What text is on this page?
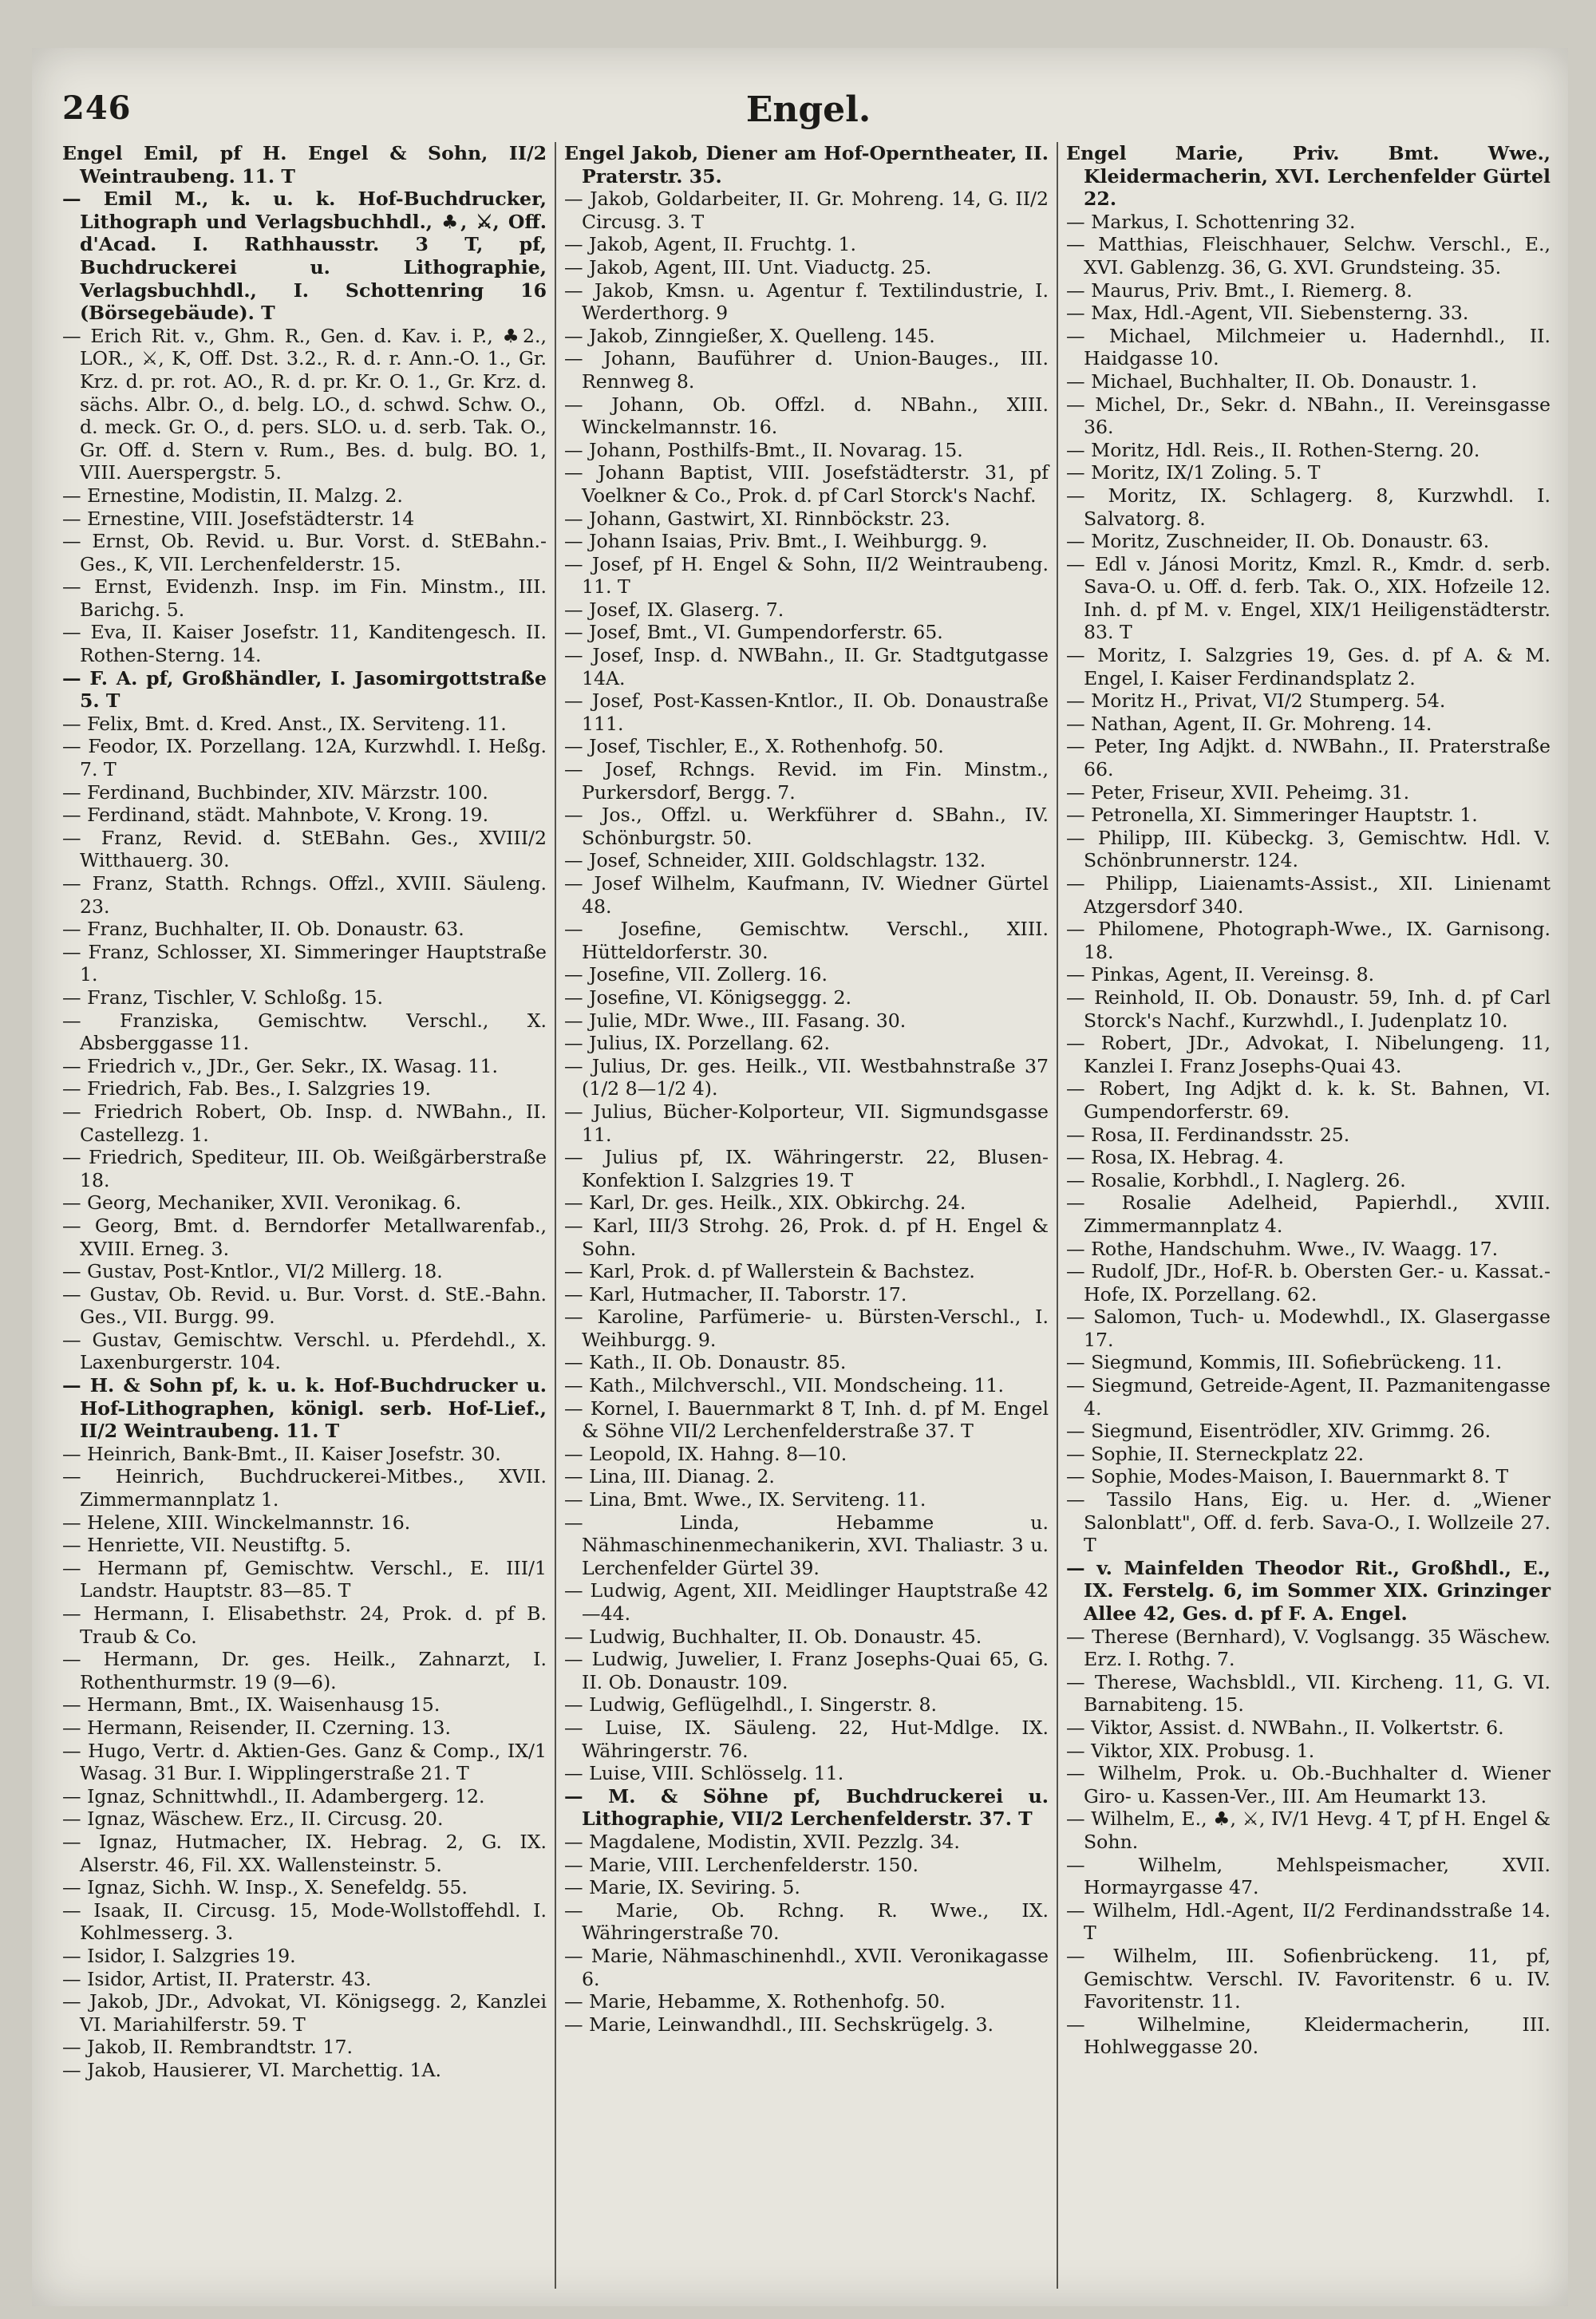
246	Engel.
Engel Emil, pf H. Engel & Sohn, II/2 Weintraubeng. 11. T
— Emil M., k. u. k. Hof-Buchdrucker, Lithograph und Verlagsbuchhdl., ♣, ⚔, Off. d'Acad. I. Rathhausstr. 3 T, pf, Buchdruckerei u. Lithographie, Verlagsbuchhdl., I. Schottenring 16 (Börsegebäude). T
— Erich Rit. v., Ghm. R., Gen. d. Kav. i. P., ♣2., LOR., ⚔, K, Off. Dst. 3.2., R. d. r. Ann.-O. 1., Gr. Krz. d. pr. rot. AO., R. d. pr. Kr. O. 1., Gr. Krz. d. sächs. Albr. O., d. belg. LO., d. schwd. Schw. O., d. meck. Gr. O., d. pers. SLO. u. d. serb. Tak. O., Gr. Off. d. Stern v. Rum., Bes. d. bulg. BO. 1, VIII. Auerspergstr. 5.
— Ernestine, Modistin, II. Malzg. 2.
— Ernestine, VIII. Josefstädterstr. 14
— Ernst, Ob. Revid. u. Bur. Vorst. d. StEBahn.-Ges., K, VII. Lerchenfelderstr. 15.
— Ernst, Evidenzh. Insp. im Fin. Minstm., III. Barichg. 5.
— Eva, II. Kaiser Josefstr. 11, Kanditengesch. II. Rothen-Sterng. 14.
— F. A. pf, Großhändler, I. Jasomirgottstraße 5. T
— Felix, Bmt. d. Kred. Anst., IX. Serviteng. 11.
— Feodor, IX. Porzellang. 12A, Kurzwhdl. I. Heßg. 7. T
— Ferdinand, Buchbinder, XIV. Märzstr. 100.
— Ferdinand, städt. Mahnbote, V. Krong. 19.
— Franz, Revid. d. StEBahn. Ges., XVIII/2 Witthauerg. 30.
— Franz, Statth. Rchngs. Offzl., XVIII. Säuleng. 23.
— Franz, Buchhalter, II. Ob. Donaustr. 63.
— Franz, Schlosser, XI. Simmeringer Hauptstraße 1.
— Franz, Tischler, V. Schloßg. 15.
— Franziska, Gemischtw. Verschl., X. Absberggasse 11.
— Friedrich v., JDr., Ger. Sekr., IX. Wasag. 11.
— Friedrich, Fab. Bes., I. Salzgries 19.
— Friedrich Robert, Ob. Insp. d. NWBahn., II. Castellezg. 1.
— Friedrich, Spediteur, III. Ob. Weißgärberstraße 18.
— Georg, Mechaniker, XVII. Veronikag. 6.
— Georg, Bmt. d. Berndorfer Metallwarenfab., XVIII. Erneg. 3.
— Gustav, Post-Kntlor., VI/2 Millerg. 18.
— Gustav, Ob. Revid. u. Bur. Vorst. d. StE.-Bahn. Ges., VII. Burgg. 99.
— Gustav, Gemischtw. Verschl. u. Pferdehdl., X. Laxenburgerstr. 104.
— H. & Sohn pf, k. u. k. Hof-Buchdrucker u. Hof-Lithographen, königl. serb. Hof-Lief., II/2 Weintraubeng. 11. T
— Heinrich, Bank-Bmt., II. Kaiser Josefstr. 30.
— Heinrich, Buchdruckerei-Mitbes., XVII. Zimmermannplatz 1.
— Helene, XIII. Winckelmannstr. 16.
— Henriette, VII. Neustiftg. 5.
— Hermann pf, Gemischtw. Verschl., E. III/1 Landstr. Hauptstr. 83—85. T
— Hermann, I. Elisabethstr. 24, Prok. d. pf B. Traub & Co.
— Hermann, Dr. ges. Heilk., Zahnarzt, I. Rothenthurmstr. 19 (9—6).
— Hermann, Bmt., IX. Waisenhausg 15.
— Hermann, Reisender, II. Czerning. 13.
— Hugo, Vertr. d. Aktien-Ges. Ganz & Comp., IX/1 Wasag. 31 Bur. I. Wipplingerstraße 21. T
— Ignaz, Schnittwhdl., II. Adambergerg. 12.
— Ignaz, Wäschew. Erz., II. Circusg. 20.
— Ignaz, Hutmacher, IX. Hebrag. 2, G. IX. Alserstr. 46, Fil. XX. Wallensteinstr. 5.
— Ignaz, Sichh. W. Insp., X. Senefeldg. 55.
— Isaak, II. Circusg. 15, Mode-Wollstoffehdl. I. Kohlmesserg. 3.
— Isidor, I. Salzgries 19.
— Isidor, Artist, II. Praterstr. 43.
— Jakob, JDr., Advokat, VI. Königsegg. 2, Kanzlei VI. Mariahilferstr. 59. T
— Jakob, II. Rembrandtstr. 17.
— Jakob, Hausierer, VI. Marchettig. 1A.
Engel Jakob, Diener am Hof-Operntheater, II. Praterstr. 35.
— Jakob, Goldarbeiter, II. Gr. Mohreng. 14, G. II/2 Circusg. 3. T
— Jakob, Agent, II. Fruchtg. 1.
— Jakob, Agent, III. Unt. Viaductg. 25.
— Jakob, Kmsn. u. Agentur f. Textilindustrie, I. Werderthorg. 9
— Jakob, Zinngießer, X. Quelleng. 145.
— Johann, Bauführer d. Union-Bauges., III. Rennweg 8.
— Johann, Ob. Offzl. d. NBahn., XIII. Winckelmannstr. 16.
— Johann, Posthilfs-Bmt., II. Novarag. 15.
— Johann Baptist, VIII. Josefstädterstr. 31, pf Voelkner & Co., Prok. d. pf Carl Storck's Nachf.
— Johann, Gastwirt, XI. Rinnböckstr. 23.
— Johann Isaias, Priv. Bmt., I. Weihburgg. 9.
— Josef, pf H. Engel & Sohn, II/2 Weintraubeng. 11. T
— Josef, IX. Glaserg. 7.
— Josef, Bmt., VI. Gumpendorferstr. 65.
— Josef, Insp. d. NWBahn., II. Gr. Stadtgutgasse 14A.
— Josef, Post-Kassen-Kntlor., II. Ob. Donaustraße 111.
— Josef, Tischler, E., X. Rothenhofg. 50.
— Josef, Rchngs. Revid. im Fin. Minstm., Purkersdorf, Bergg. 7.
— Jos., Offzl. u. Werkführer d. SBahn., IV. Schönburgstr. 50.
— Josef, Schneider, XIII. Goldschlagstr. 132.
— Josef Wilhelm, Kaufmann, IV. Wiedner Gürtel 48.
— Josefine, Gemischtw. Verschl., XIII. Hütteldorferstr. 30.
— Josefine, VII. Zollerg. 16.
— Josefine, VI. Königseggg. 2.
— Julie, MDr. Wwe., III. Fasang. 30.
— Julius, IX. Porzellang. 62.
— Julius, Dr. ges. Heilk., VII. Westbahnstraße 37 (1/2 8—1/2 4).
— Julius, Bücher-Kolporteur, VII. Sigmundsgasse 11.
— Julius pf, IX. Währingerstr. 22, Blusen-Konfektion I. Salzgries 19. T
— Karl, Dr. ges. Heilk., XIX. Obkirchg. 24.
— Karl, III/3 Strohg. 26, Prok. d. pf H. Engel & Sohn.
— Karl, Prok. d. pf Wallerstein & Bachstez.
— Karl, Hutmacher, II. Taborstr. 17.
— Karoline, Parfümerie- u. Bürsten-Verschl., I. Weihburgg. 9.
— Kath., II. Ob. Donaustr. 85.
— Kath., Milchverschl., VII. Mondscheing. 11.
— Kornel, I. Bauernmarkt 8 T, Inh. d. pf M. Engel & Söhne VII/2 Lerchenfelderstraße 37. T
— Leopold, IX. Hahng. 8—10.
— Lina, III. Dianag. 2.
— Lina, Bmt. Wwe., IX. Serviteng. 11.
— Linda, Hebamme u. Nähmaschinenmechanikerin, XVI. Thaliastr. 3 u. Lerchenfelder Gürtel 39.
— Ludwig, Agent, XII. Meidlinger Hauptstraße 42—44.
— Ludwig, Buchhalter, II. Ob. Donaustr. 45.
— Ludwig, Juwelier, I. Franz Josephs-Quai 65, G. II. Ob. Donaustr. 109.
— Ludwig, Geflügelhdl., I. Singerstr. 8.
— Luise, IX. Säuleng. 22, Hut-Mdlge. IX. Währingerstr. 76.
— Luise, VIII. Schlösselg. 11.
— M. & Söhne pf, Buchdruckerei u. Lithographie, VII/2 Lerchenfelderstr. 37. T
— Magdalene, Modistin, XVII. Pezzlg. 34.
— Marie, VIII. Lerchenfelderstr. 150.
— Marie, IX. Seviring. 5.
— Marie, Ob. Rchng. R. Wwe., IX. Währingerstraße 70.
— Marie, Nähmaschinenhdl., XVII. Veronikagasse 6.
— Marie, Hebamme, X. Rothenhofg. 50.
— Marie, Leinwandhdl., III. Sechskrügelg. 3.
Engel Marie, Priv. Bmt. Wwe., Kleidermacherin, XVI. Lerchenfelder Gürtel 22.
— Markus, I. Schottenring 32.
— Matthias, Fleischhauer, Selchw. Verschl., E., XVI. Gablenzg. 36, G. XVI. Grundsteing. 35.
— Maurus, Priv. Bmt., I. Riemerg. 8.
— Max, Hdl.-Agent, VII. Siebensterng. 33.
— Michael, Milchmeier u. Hadernhdl., II. Haidgasse 10.
— Michael, Buchhalter, II. Ob. Donaustr. 1.
— Michel, Dr., Sekr. d. NBahn., II. Vereinsgasse 36.
— Moritz, Hdl. Reis., II. Rothen-Sterng. 20.
— Moritz, IX/1 Zoling. 5. T
— Moritz, IX. Schlagerg. 8, Kurzwhdl. I. Salvatorg. 8.
— Moritz, Zuschneider, II. Ob. Donaustr. 63.
— Edl v. Jánosi Moritz, Kmzl. R., Kmdr. d. serb. Sava-O. u. Off. d. ferb. Tak. O., XIX. Hofzeile 12. Inh. d. pf M. v. Engel, XIX/1 Heiligenstädterstr. 83. T
— Moritz, I. Salzgries 19, Ges. d. pf A. & M. Engel, I. Kaiser Ferdinandsplatz 2.
— Moritz H., Privat, VI/2 Stumperg. 54.
— Nathan, Agent, II. Gr. Mohreng. 14.
— Peter, Ing Adjkt. d. NWBahn., II. Praterstraße 66.
— Peter, Friseur, XVII. Peheimg. 31.
— Petronella, XI. Simmeringer Hauptstr. 1.
— Philipp, III. Kübeckg. 3, Gemischtw. Hdl. V. Schönbrunnerstr. 124.
— Philipp, Liaienamts-Assist., XII. Linienamt Atzgersdorf 340.
— Philomene, Photograph-Wwe., IX. Garnisong. 18.
— Pinkas, Agent, II. Vereinsg. 8.
— Reinhold, II. Ob. Donaustr. 59, Inh. d. pf Carl Storck's Nachf., Kurzwhdl., I. Judenplatz 10.
— Robert, JDr., Advokat, I. Nibelungeng. 11, Kanzlei I. Franz Josephs-Quai 43.
— Robert, Ing Adjkt d. k. k. St. Bahnen, VI. Gumpendorferstr. 69.
— Rosa, II. Ferdinandsstr. 25.
— Rosa, IX. Hebrag. 4.
— Rosalie, Korbhdl., I. Naglerg. 26.
— Rosalie Adelheid, Papierhdl., XVIII. Zimmermannplatz 4.
— Rothe, Handschuhm. Wwe., IV. Waagg. 17.
— Rudolf, JDr., Hof-R. b. Obersten Ger.- u. Kassat.-Hofe, IX. Porzellang. 62.
— Salomon, Tuch- u. Modewhdl., IX. Glasergasse 17.
— Siegmund, Kommis, III. Sofiebrückeng. 11.
— Siegmund, Getreide-Agent, II. Pazmanitengasse 4.
— Siegmund, Eisentrödler, XIV. Grimmg. 26.
— Sophie, II. Sterneckplatz 22.
— Sophie, Modes-Maison, I. Bauernmarkt 8. T
— Tassilo Hans, Eig. u. Her. d. „Wiener Salonblatt", Off. d. ferb. Sava-O., I. Wollzeile 27. T
— v. Mainfelden Theodor Rit., Großhdl., E., IX. Ferstelg. 6, im Sommer XIX. Grinzinger Allee 42, Ges. d. pf F. A. Engel.
— Therese (Bernhard), V. Voglsangg. 35 Wäschew. Erz. I. Rothg. 7.
— Therese, Wachsbldl., VII. Kircheng. 11, G. VI. Barnabiteng. 15.
— Viktor, Assist. d. NWBahn., II. Volkertstr. 6.
— Viktor, XIX. Probusg. 1.
— Wilhelm, Prok. u. Ob.-Buchhalter d. Wiener Giro- u. Kassen-Ver., III. Am Heumarkt 13.
— Wilhelm, E., ♣, ⚔, IV/1 Hevg. 4 T, pf H. Engel & Sohn.
— Wilhelm, Mehlspeismacher, XVII. Hormayrgasse 47.
— Wilhelm, Hdl.-Agent, II/2 Ferdinandsstraße 14. T
— Wilhelm, III. Sofienbrückeng. 11, pf, Gemischtw. Verschl. IV. Favoritenstr. 6 u. IV. Favoritenstr. 11.
— Wilhelmine, Kleidermacherin, III. Hohlweggasse 20.
